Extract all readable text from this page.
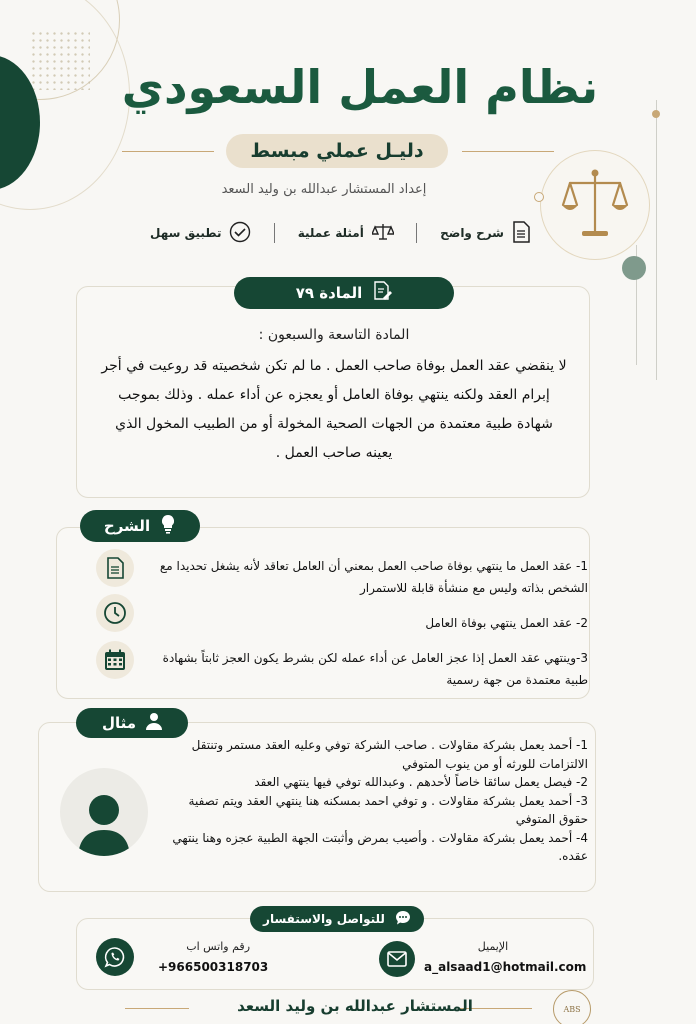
نظام العمل السعودي
دليـل عملي مبسط
إعداد المستشار عبدالله بن وليد السعد
شرح واضح
أمثلة عملية
تطبيق سهل
المادة ٧٩
المادة التاسعة والسبعون :
لا ينقضي عقد العمل بوفاة صاحب العمل . ما لم تكن شخصيته قد روعيت في أجر إبرام العقد ولكنه ينتهي بوفاة العامل أو يعجزه عن أداء عمله . وذلك بموجب شهادة طبية معتمدة من الجهات الصحية المخولة أو من الطبيب المخول الذي يعينه صاحب العمل .
الشرح
1- عقد العمل ما ينتهي بوفاة صاحب العمل بمعني أن العامل تعاقد لأنه يشغل تحديدا مع الشخص بذاته وليس مع منشأة قابلة للاستمرار
2- عقد العمل ينتهي بوفاة العامل
3-وينتهي عقد العمل إذا عجز العامل عن أداء عمله لكن بشرط يكون العجز ثابتاً بشهادة طبية معتمدة من جهة رسمية
مثال

1- أحمد يعمل بشركة مقاولات . صاحب الشركة توفي وعليه العقد مستمر وتنتقل الالتزامات للورثه أو من ينوب المتوفي

2- فيصل يعمل سائقا خاصاً لأحدهم . وعبدالله توفي فيها ينتهي العقد

3- أحمد يعمل بشركة مقاولات . و توفي احمد بمسكنه هنا ينتهي العقد ويتم تصفية حقوق المتوفي

4- أحمد يعمل بشركة مقاولات . وأصيب بمرض وأثبتت الجهة الطبية عجزه وهنا ينتهي عقده.

للتواصل والاستفسار
الإيميل
a_alsaad1@hotmail.com
رقم واتس اب
+966500318703
المستشار عبدالله بن وليد السعد	ABS
